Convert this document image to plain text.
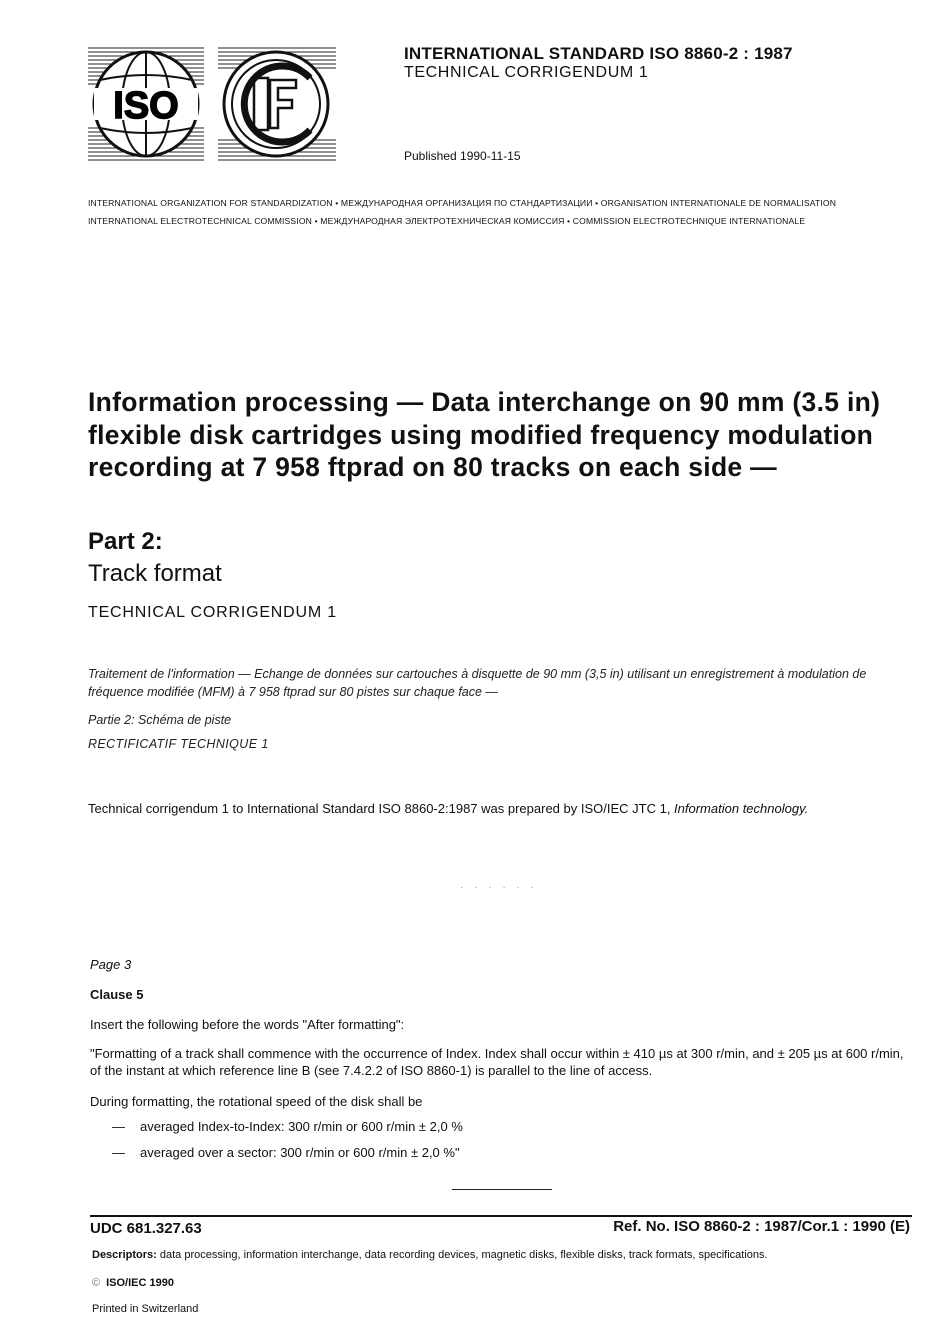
ISO
INTERNATIONAL STANDARD ISO 8860-2 : 1987
TECHNICAL CORRIGENDUM 1
Published 1990-11-15
INTERNATIONAL ORGANIZATION FOR STANDARDIZATION • МЕЖДУНАРОДНАЯ ОРГАНИЗАЦИЯ ПО СТАНДАРТИЗАЦИИ • ORGANISATION INTERNATIONALE DE NORMALISATION
INTERNATIONAL ELECTROTECHNICAL COMMISSION • МЕЖДУНАРОДНАЯ ЭЛЕКТРОТЕХНИЧЕСКАЯ КОМИССИЯ • COMMISSION ELECTROTECHNIQUE INTERNATIONALE
Information processing — Data interchange on 90 mm (3.5 in) flexible disk cartridges using modified frequency modulation recording at 7 958 ftprad on 80 tracks on each side —
Part 2:
Track format
TECHNICAL CORRIGENDUM 1
Traitement de l'information — Echange de données sur cartouches à disquette de 90 mm (3,5 in) utilisant un enregistrement à modulation de fréquence modifiée (MFM) à 7 958 ftprad sur 80 pistes sur chaque face —
Partie 2: Schéma de piste
RECTIFICATIF TECHNIQUE 1
Technical corrigendum 1 to International Standard ISO 8860-2:1987 was prepared by ISO/IEC JTC 1, Information technology.
· · · · · ·
Page 3
Clause 5
Insert the following before the words "After formatting":
"Formatting of a track shall commence with the occurrence of Index. Index shall occur within ± 410 µs at 300 r/min, and ± 205 µs at 600 r/min, of the instant at which reference line B (see 7.4.2.2 of ISO 8860-1) is parallel to the line of access.
During formatting, the rotational speed of the disk shall be
— averaged Index-to-Index: 300 r/min or 600 r/min ± 2,0 %
— averaged over a sector: 300 r/min or 600 r/min ± 2,0 %"
UDC 681.327.63	Ref. No. ISO 8860-2 : 1987/Cor.1 : 1990 (E)
Descriptors: data processing, information interchange, data recording devices, magnetic disks, flexible disks, track formats, specifications.
© ISO/IEC 1990
Printed in Switzerland
